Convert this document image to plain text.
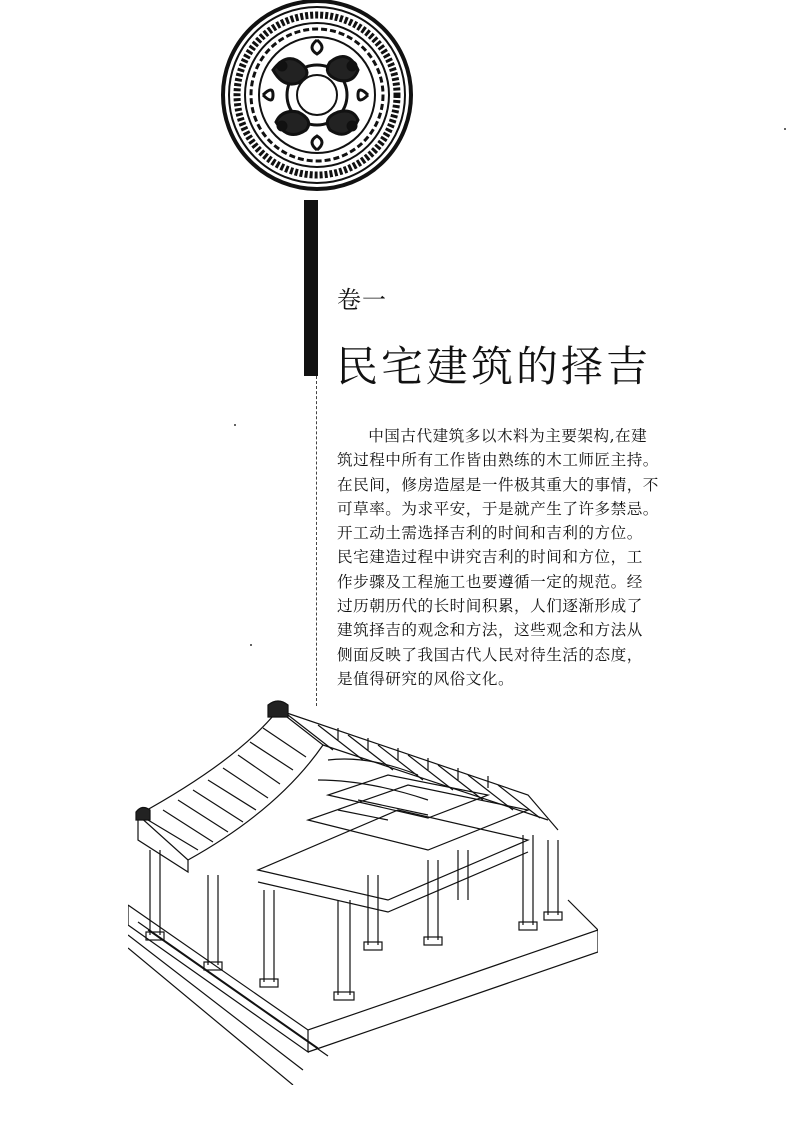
卷一
民宅建筑的择吉
中国古代建筑多以木料为主要架构,在建
筑过程中所有工作皆由熟练的木工师匠主持。
在民间，修房造屋是一件极其重大的事情，不
可草率。为求平安，于是就产生了许多禁忌。
开工动土需选择吉利的时间和吉利的方位。
民宅建造过程中讲究吉利的时间和方位，工
作步骤及工程施工也要遵循一定的规范。经
过历朝历代的长时间积累，人们逐渐形成了
建筑择吉的观念和方法，这些观念和方法从
侧面反映了我国古代人民对待生活的态度，
是值得研究的风俗文化。
